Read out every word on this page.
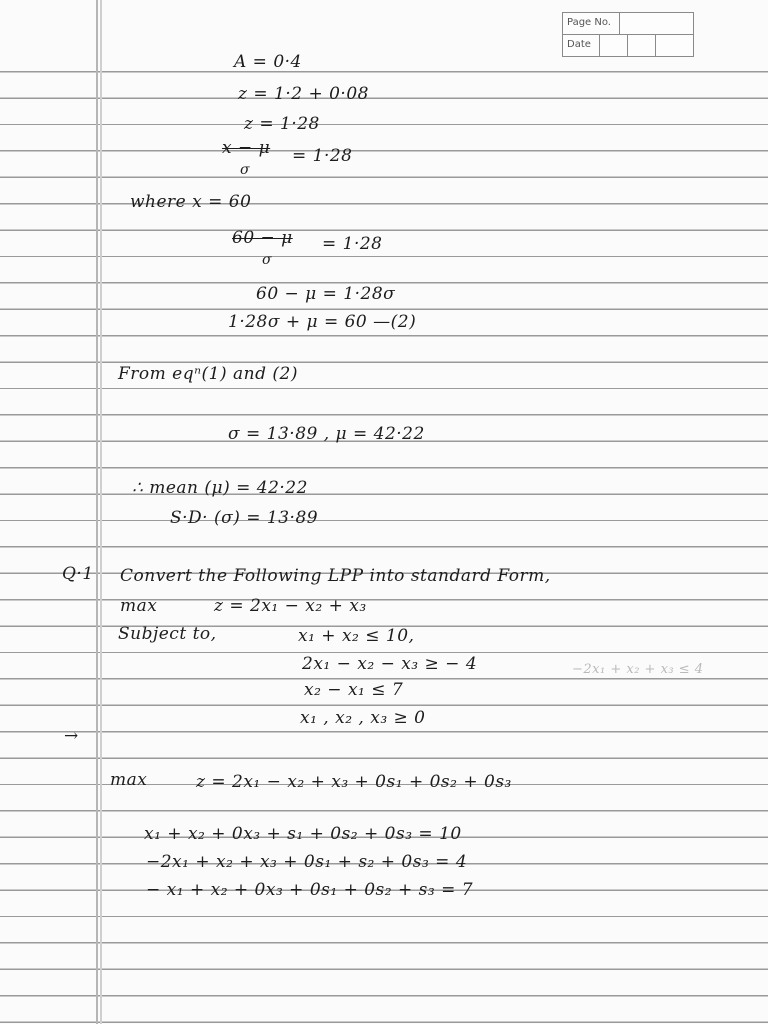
Page No.
Date
A = 0·4
z = 1·2 + 0·08
z = 1·28
x − μ
σ
= 1·28
where x = 60
60 − μ
σ
= 1·28
60 − μ = 1·28σ
1·28σ + μ = 60 —(2)
From eqⁿ(1) and (2)
σ = 13·89 , μ = 42·22
∴ mean (μ) = 42·22
S·D· (σ) = 13·89
Q·1 Convert the Following LPP into standard Form,
max	z = 2x₁ − x₂ + x₃
Subject to,	x₁ + x₂ ≤ 10,
2x₁ − x₂ − x₃ ≥ − 4	−2x₁ + x₂ + x₃ ≤ 4
x₂ − x₁ ≤ 7
x₁ , x₂ , x₃ ≥ 0
→
max	z = 2x₁ − x₂ + x₃ + 0s₁ + 0s₂ + 0s₃
x₁ + x₂ + 0x₃ + s₁ + 0s₂ + 0s₃ = 10
−2x₁ + x₂ + x₃ + 0s₁ + s₂ + 0s₃ = 4
− x₁ + x₂ + 0x₃ + 0s₁ + 0s₂ + s₃ = 7
